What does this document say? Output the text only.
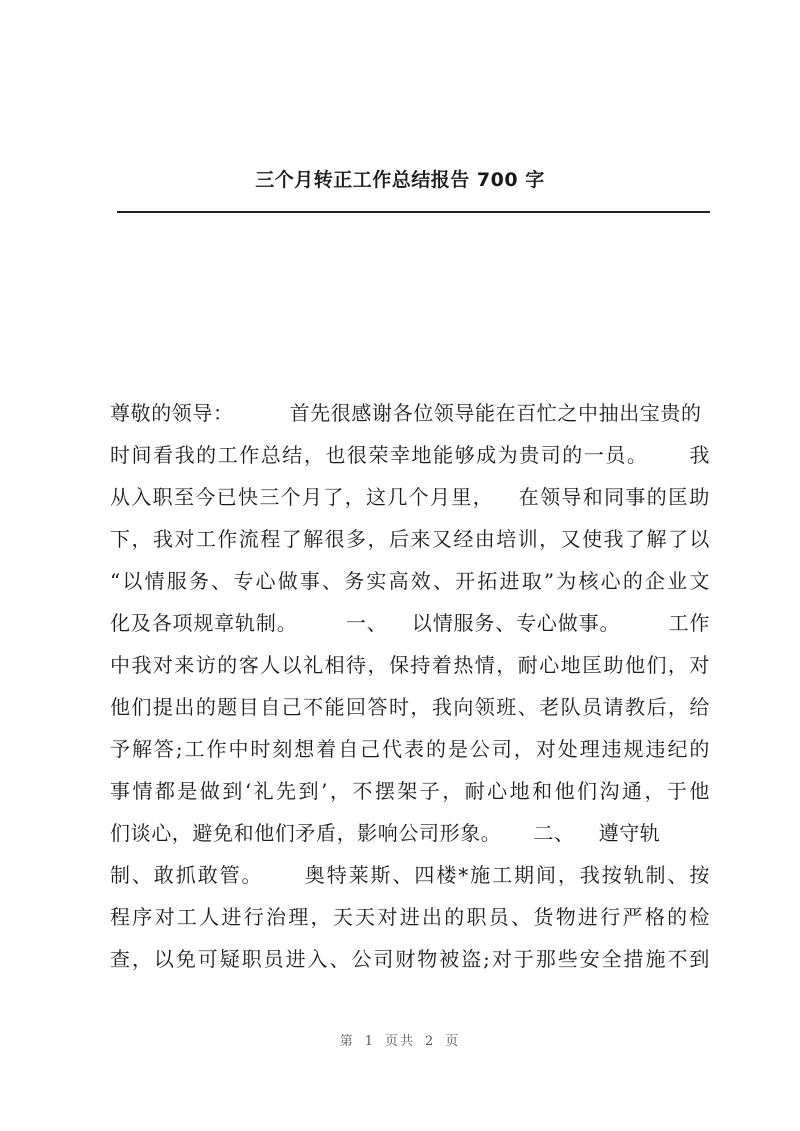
三个月转正工作总结报告 700 字
尊敬的领导：	首先很感谢各位领导能在百忙之中抽出宝贵的
时间看我的工作总结，也很荣幸地能够成为贵司的一员。 我
从入职至今已快三个月了，这几个月里， 在领导和同事的匡助
下，我对工作流程了解很多，后来又经由培训，又使我了解了以
“以情服务、专心做事、务实高效、开拓进取”为核心的企业文
化及各项规章轨制。 一、 以情服务、专心做事。 工作
中我对来访的客人以礼相待，保持着热情，耐心地匡助他们，对
他们提出的题目自己不能回答时，我向领班、老队员请教后，给
予解答;工作中时刻想着自己代表的是公司，对处理违规违纪的
事情都是做到‘礼先到’，不摆架子，耐心地和他们沟通，于他
们谈心，避免和他们矛盾，影响公司形象。 二、 遵守轨
制、敢抓敢管。 奥特莱斯、四楼*施工期间，我按轨制、按
程序对工人进行治理，天天对进出的职员、货物进行严格的检
查，以免可疑职员进入、公司财物被盗;对于那些安全措施不到
第 1 页共 2 页
